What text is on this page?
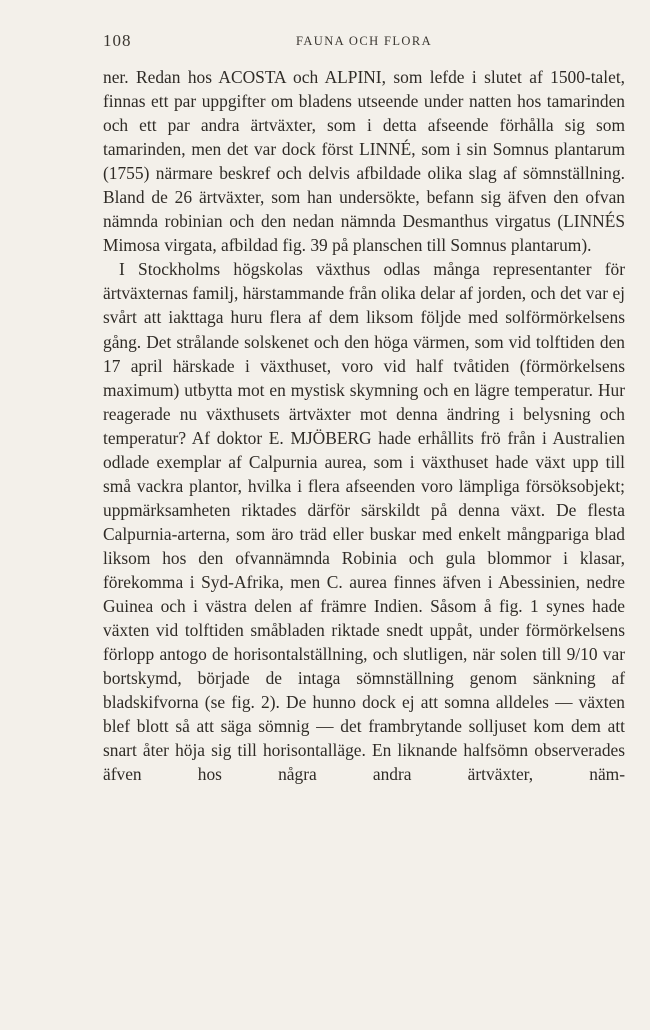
108	FAUNA OCH FLORA

ner. Redan hos ACOSTA och ALPINI, som lefde i slutet af 1500-talet, finnas ett par uppgifter om bladens utseende under natten hos tamarinden och ett par andra ärtväxter, som i detta afseende förhålla sig som tamarinden, men det var dock först LINNÉ, som i sin Somnus plantarum (1755) närmare beskref och delvis afbildade olika slag af sömnställning. Bland de 26 ärtväxter, som han undersökte, befann sig äfven den ofvan nämnda robinian och den nedan nämnda Desmanthus virgatus (LINNÉS Mimosa virgata, afbildad fig. 39 på planschen till Somnus plantarum).

I Stockholms högskolas växthus odlas många representanter för ärtväxternas familj, härstammande från olika delar af jorden, och det var ej svårt att iakttaga huru flera af dem liksom följde med solförmörkelsens gång. Det strålande solskenet och den höga värmen, som vid tolftiden den 17 april härskade i växthuset, voro vid half tvåtiden (förmörkelsens maximum) utbytta mot en mystisk skymning och en lägre temperatur. Hur reagerade nu växthusets ärtväxter mot denna ändring i belysning och temperatur? Af doktor E. MJÖBERG hade erhållits frö från i Australien odlade exemplar af Calpurnia aurea, som i växthuset hade växt upp till små vackra plantor, hvilka i flera afseenden voro lämpliga försöksobjekt; uppmärksamheten riktades därför särskildt på denna växt. De flesta Calpurnia-arterna, som äro träd eller buskar med enkelt mångpariga blad liksom hos den ofvannämnda Robinia och gula blommor i klasar, förekomma i Syd-Afrika, men C. aurea finnes äfven i Abessinien, nedre Guinea och i västra delen af främre Indien. Såsom å fig. 1 synes hade växten vid tolftiden småbladen riktade snedt uppåt, under förmörkelsens förlopp antogo de horisontalställning, och slutligen, när solen till 9/10 var bortskymd, började de intaga sömnställning genom sänkning af bladskifvorna (se fig. 2). De hunno dock ej att somna alldeles — växten blef blott så att säga sömnig — det frambrytande solljuset kom dem att snart åter höja sig till horisontalläge. En liknande halfsömn observerades äfven hos några andra ärtväxter, näm-
